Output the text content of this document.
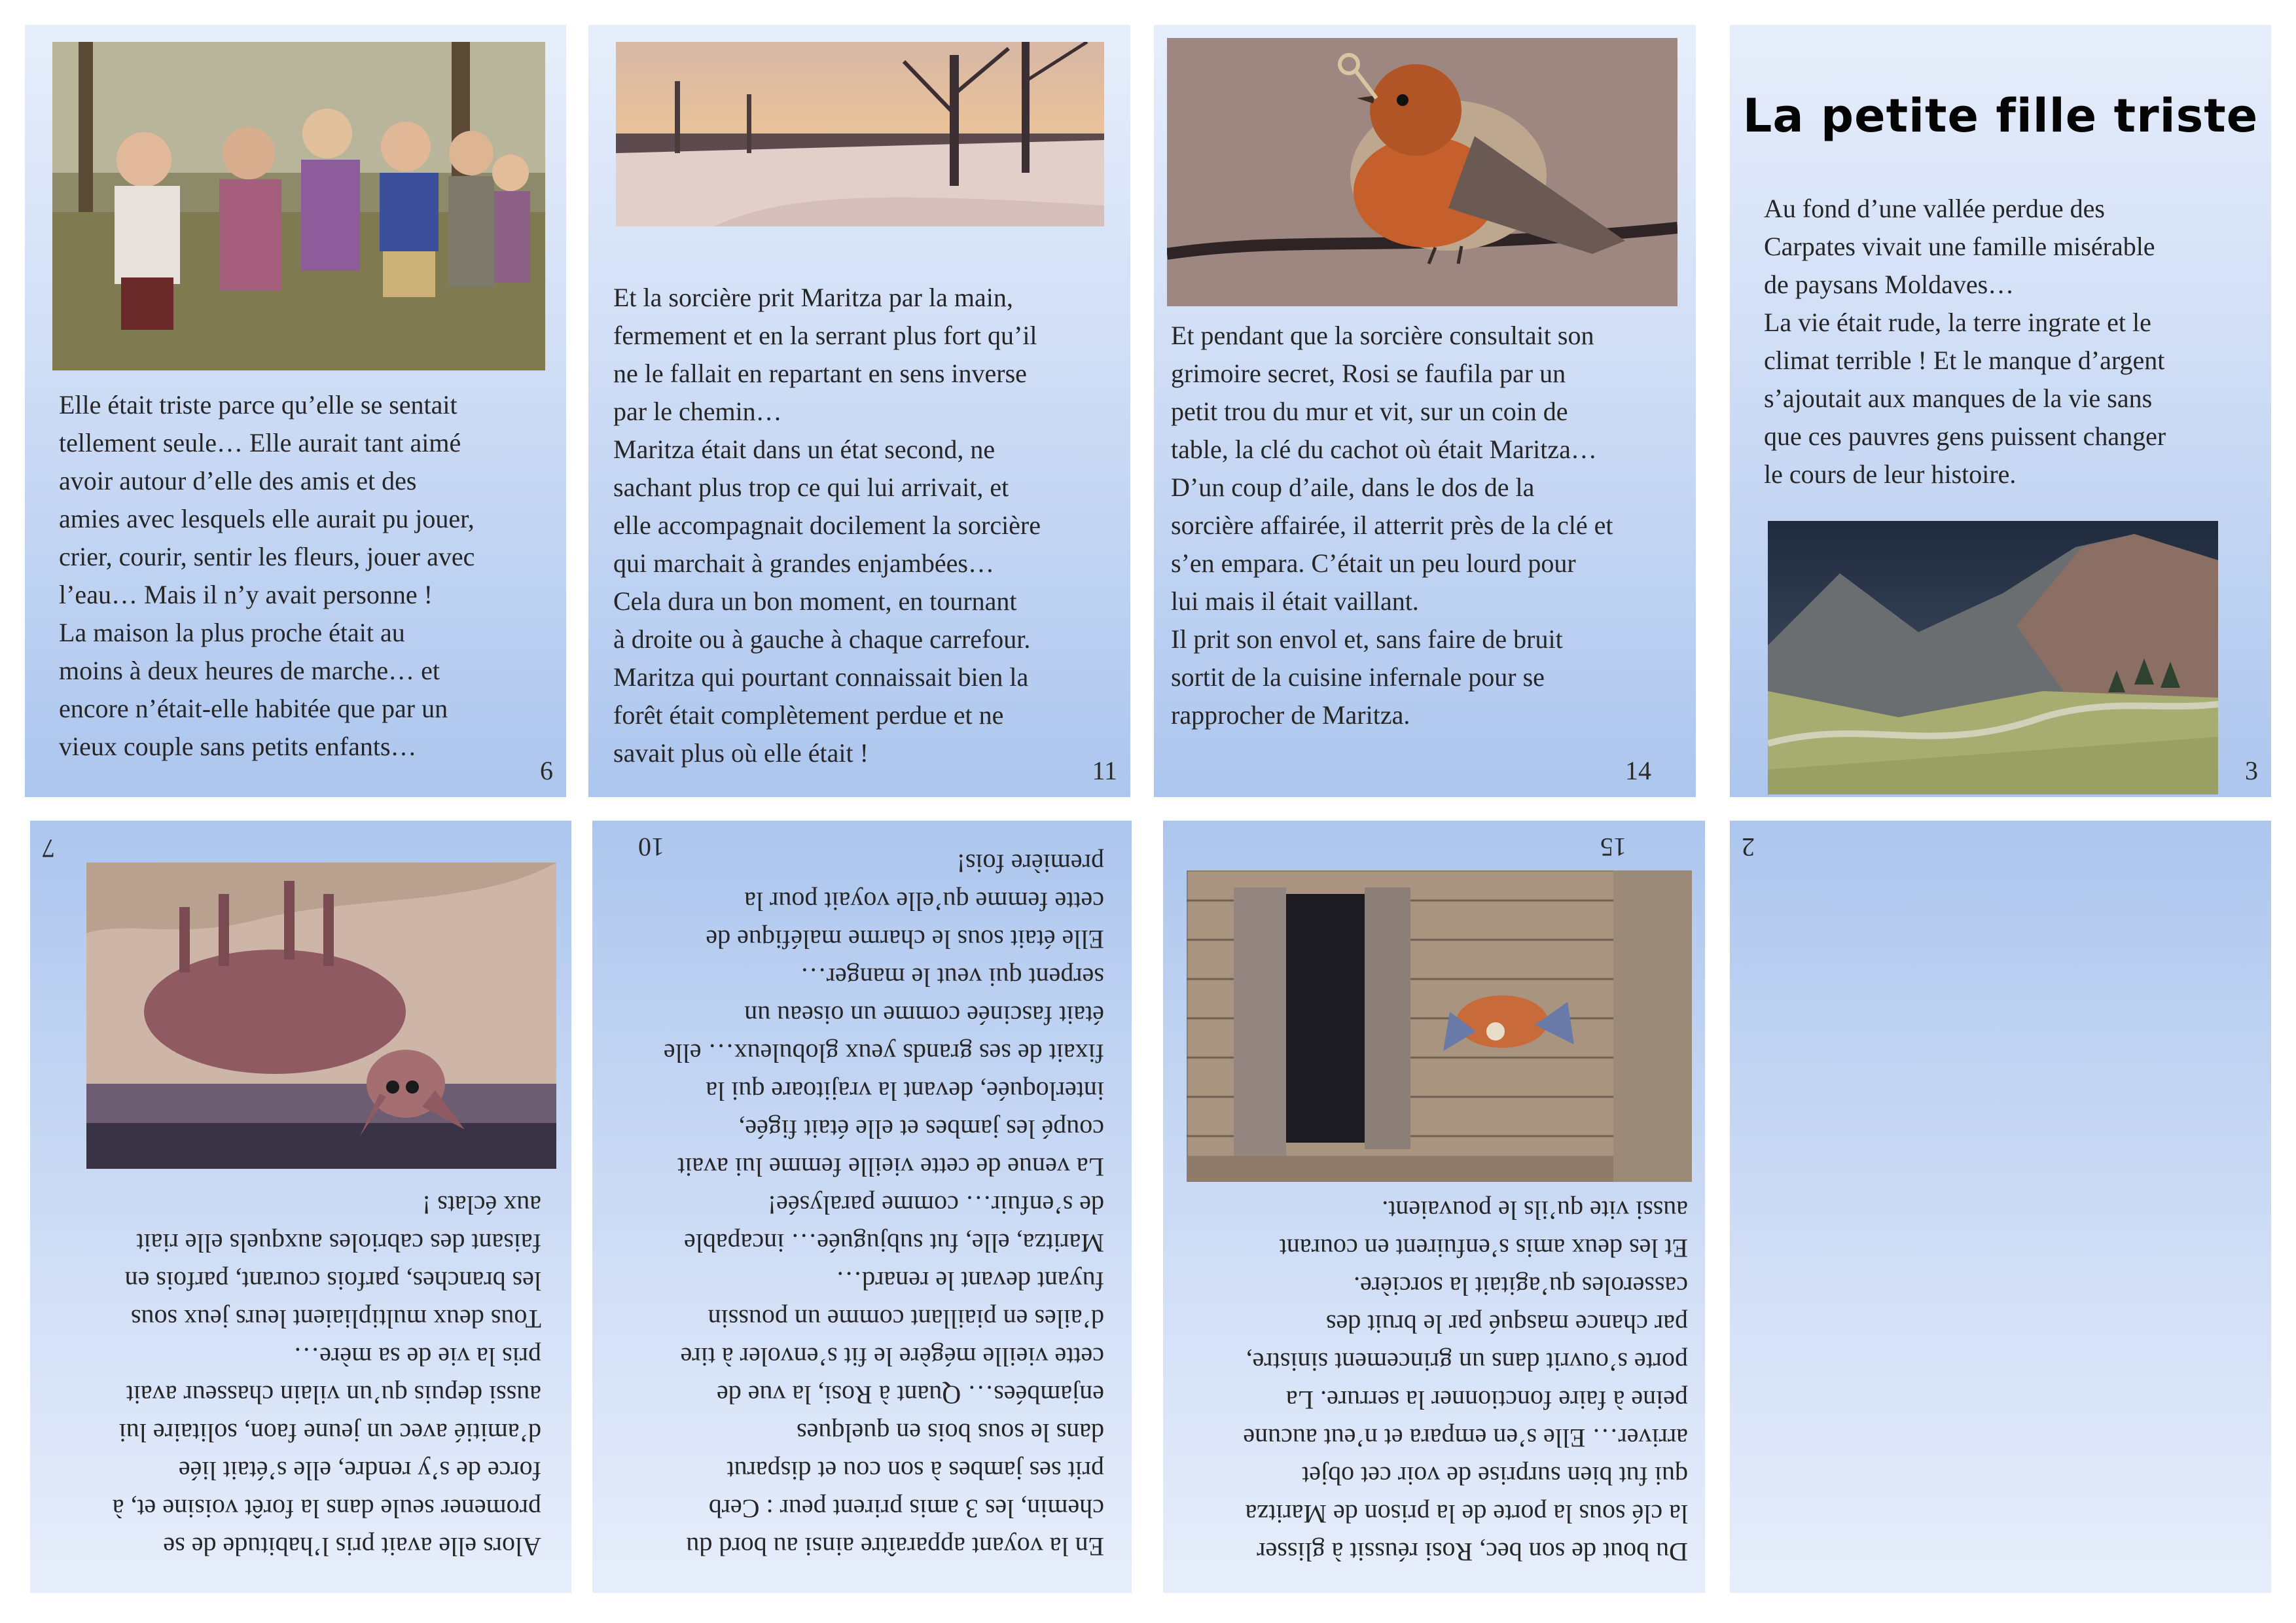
Elle était triste parce qu’elle se sentait
tellement seule… Elle aurait tant aimé
avoir autour d’elle des amis et des
amies avec lesquels elle aurait pu jouer,
crier, courir, sentir les fleurs, jouer avec
l’eau… Mais il n’y avait personne !
La maison la plus proche était au
moins à deux heures de marche… et
encore n’était-elle habitée que par un
vieux couple sans petits enfants…

6

Et la sorcière prit Maritza par la main,
fermement et en la serrant plus fort qu’il
ne le fallait en repartant en sens inverse
par le chemin…
Maritza était dans un état second, ne
sachant plus trop ce qui lui arrivait, et
elle accompagnait docilement la sorcière
qui marchait à grandes enjambées…
Cela dura un bon moment, en tournant
à droite ou à gauche à chaque carrefour.
Maritza qui pourtant connaissait bien la
forêt était complètement perdue et ne
savait plus où elle était !

11

Et pendant que la sorcière consultait son
grimoire secret, Rosi se faufila par un
petit trou du mur et vit, sur un coin de
table, la clé du cachot où était Maritza…
D’un coup d’aile, dans le dos de la
sorcière affairée, il atterrit près de la clé et
s’en empara. C’était un peu lourd pour
lui mais il était vaillant.
Il prit son envol et, sans faire de bruit
sortit de la cuisine infernale pour se
rapprocher de Maritza.

14
La petite fille triste

Au fond d’une vallée perdue des
Carpates vivait une famille misérable
de paysans Moldaves…
La vie était rude, la terre ingrate et le
climat terrible ! Et le manque d’argent
s’ajoutait aux manques de la vie sans
que ces pauvres gens puissent changer
le cours de leur histoire.

3

Alors elle avait pris l’habitude de se
promener seule dans la forêt voisine et, à
force de s’y rendre, elle s’était liée
d’amitié avec un jeune faon, solitaire lui
aussi depuis qu’un vilain chasseur avait
pris la vie de sa mère…
Tous deux multipliaient leurs jeux sous
les branches, parfois courant, parfois en
faisant des cabrioles auxquels elle riait
aux éclats !

7

En la voyant apparaître ainsi au bord du
chemin, les 3 amis prirent peur : Cerb
prit ses jambes à son cou et disparut
dans le sous bois en quelques
enjambées… Quant à Rosi, la vue de
cette vieille mégère le fit s’envoler à tire
d’ailes en piaillant comme un poussin
fuyant devant le renard…
Maritza, elle, fut subjuguée… incapable
de s’enfuir… comme paralysée!
La venue de cette vieille femme lui avait
coupé les jambes et elle était figée,
interloquée, devant la vrajitoare qui la
fixait de ses grands yeux globuleux… elle
était fascinée comme un oiseau un
serpent qui veut le manger…
Elle était sous le charme maléfique de
cette femme qu’elle voyait pour la
première fois!

10

Du bout de son bec, Rosi réussit à glisser
la clé sous la porte de la prison de Maritza
qui fut bien surprise de voir cet objet
arriver… Elle s’en empara et n’eut aucune
peine à faire fonctionner la serrure. La
porte s’ouvrit dans un grincement sinistre,
par chance masqué par le bruit des
casseroles qu’agitait la sorcière.
Et les deux amis s’enfuirent en courant
aussi vite qu’ils le pouvaient.

15	2
